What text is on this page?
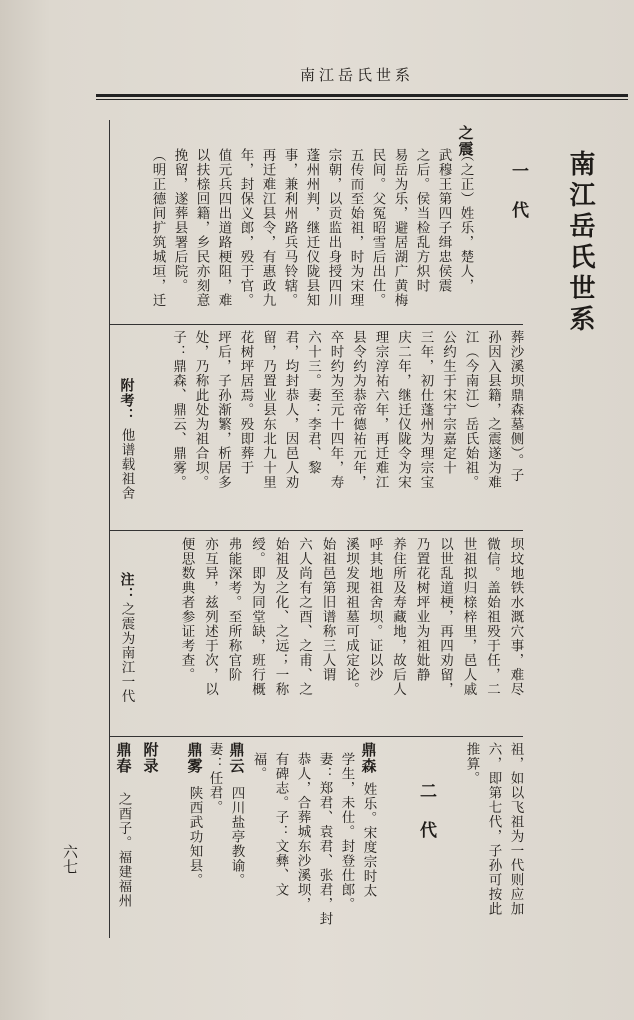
南江岳氏世系
南江岳氏世系
一代
之震
（之正）姓乐，楚人，
武穆王第四子缉忠侯震
之后。侯当检乱方炽时
易岳为乐，避居湖广黄梅
民间。父冤昭雪后出仕。
五传而至始祖，时为宋理
宗朝，以贡监出身授四川
蓬州州判，继迁仪陇县知
事，兼利州路兵马铃辖。
再迁难江县令，有惠政九
年，封保义郎，殁于官。
值元兵四出道路梗阻，难
以扶榇回籍，乡民亦刻意
挽留，遂葬县署后院。
（明正德间扩筑城垣，迁
葬沙溪坝鼎森墓侧）。子
孙因入县籍，之震遂为难
江（今南江）岳氏始祖。
公约生于宋宁宗嘉定十
三年，初仕蓬州为理宗宝
庆二年，继迁仪陇令为宋
理宗淳祐六年，再迁难江
县令约为恭帝德祐元年，
卒时约为至元十四年，寿
六十三。妻：李君、黎
君，均封恭人，因邑人劝
留，乃置业县东北九十里
花树坪居焉。殁即葬于
坪后，子孙渐繁，析居多
处，乃称此处为祖合坝。
子：鼎森、鼎云、鼎雾。
附考：
他谱载祖舍
坝坟地铁水溉穴事，难尽
微信。盖始祖殁于任，二
世祖拟归榇梓里，邑人戚
以世乱道梗，再四劝留，
乃置花树坪业为祖妣静
养住所及寿藏地，故后人
呼其地祖舍坝。证以沙
溪坝发现祖墓可成定论。
始祖邑第旧谱称三人谓
六人尚有之酉、之甫、之
始祖及之化、之远；一称
绶。即为同堂缺，班行概
弗能深考。至所称官阶
亦互异，兹列述于次，以
便思数典者参证考查。
注：
之震为南江一代
祖，如以飞祖为一代则应加
六，即第七代，子孙可按此
推算。
二代
鼎森
姓乐。宋度宗时太
学生，未仕。封登仕郎。
妻：郑君、袁君、张君，封
恭人，合葬城东沙溪坝，
有碑志。子：文彝、文
福。
鼎云
四川盐亭教谕。
妻：任君。
鼎雾
陕西武功知县。
附录
鼎春
之酉子。福建福州
六七
